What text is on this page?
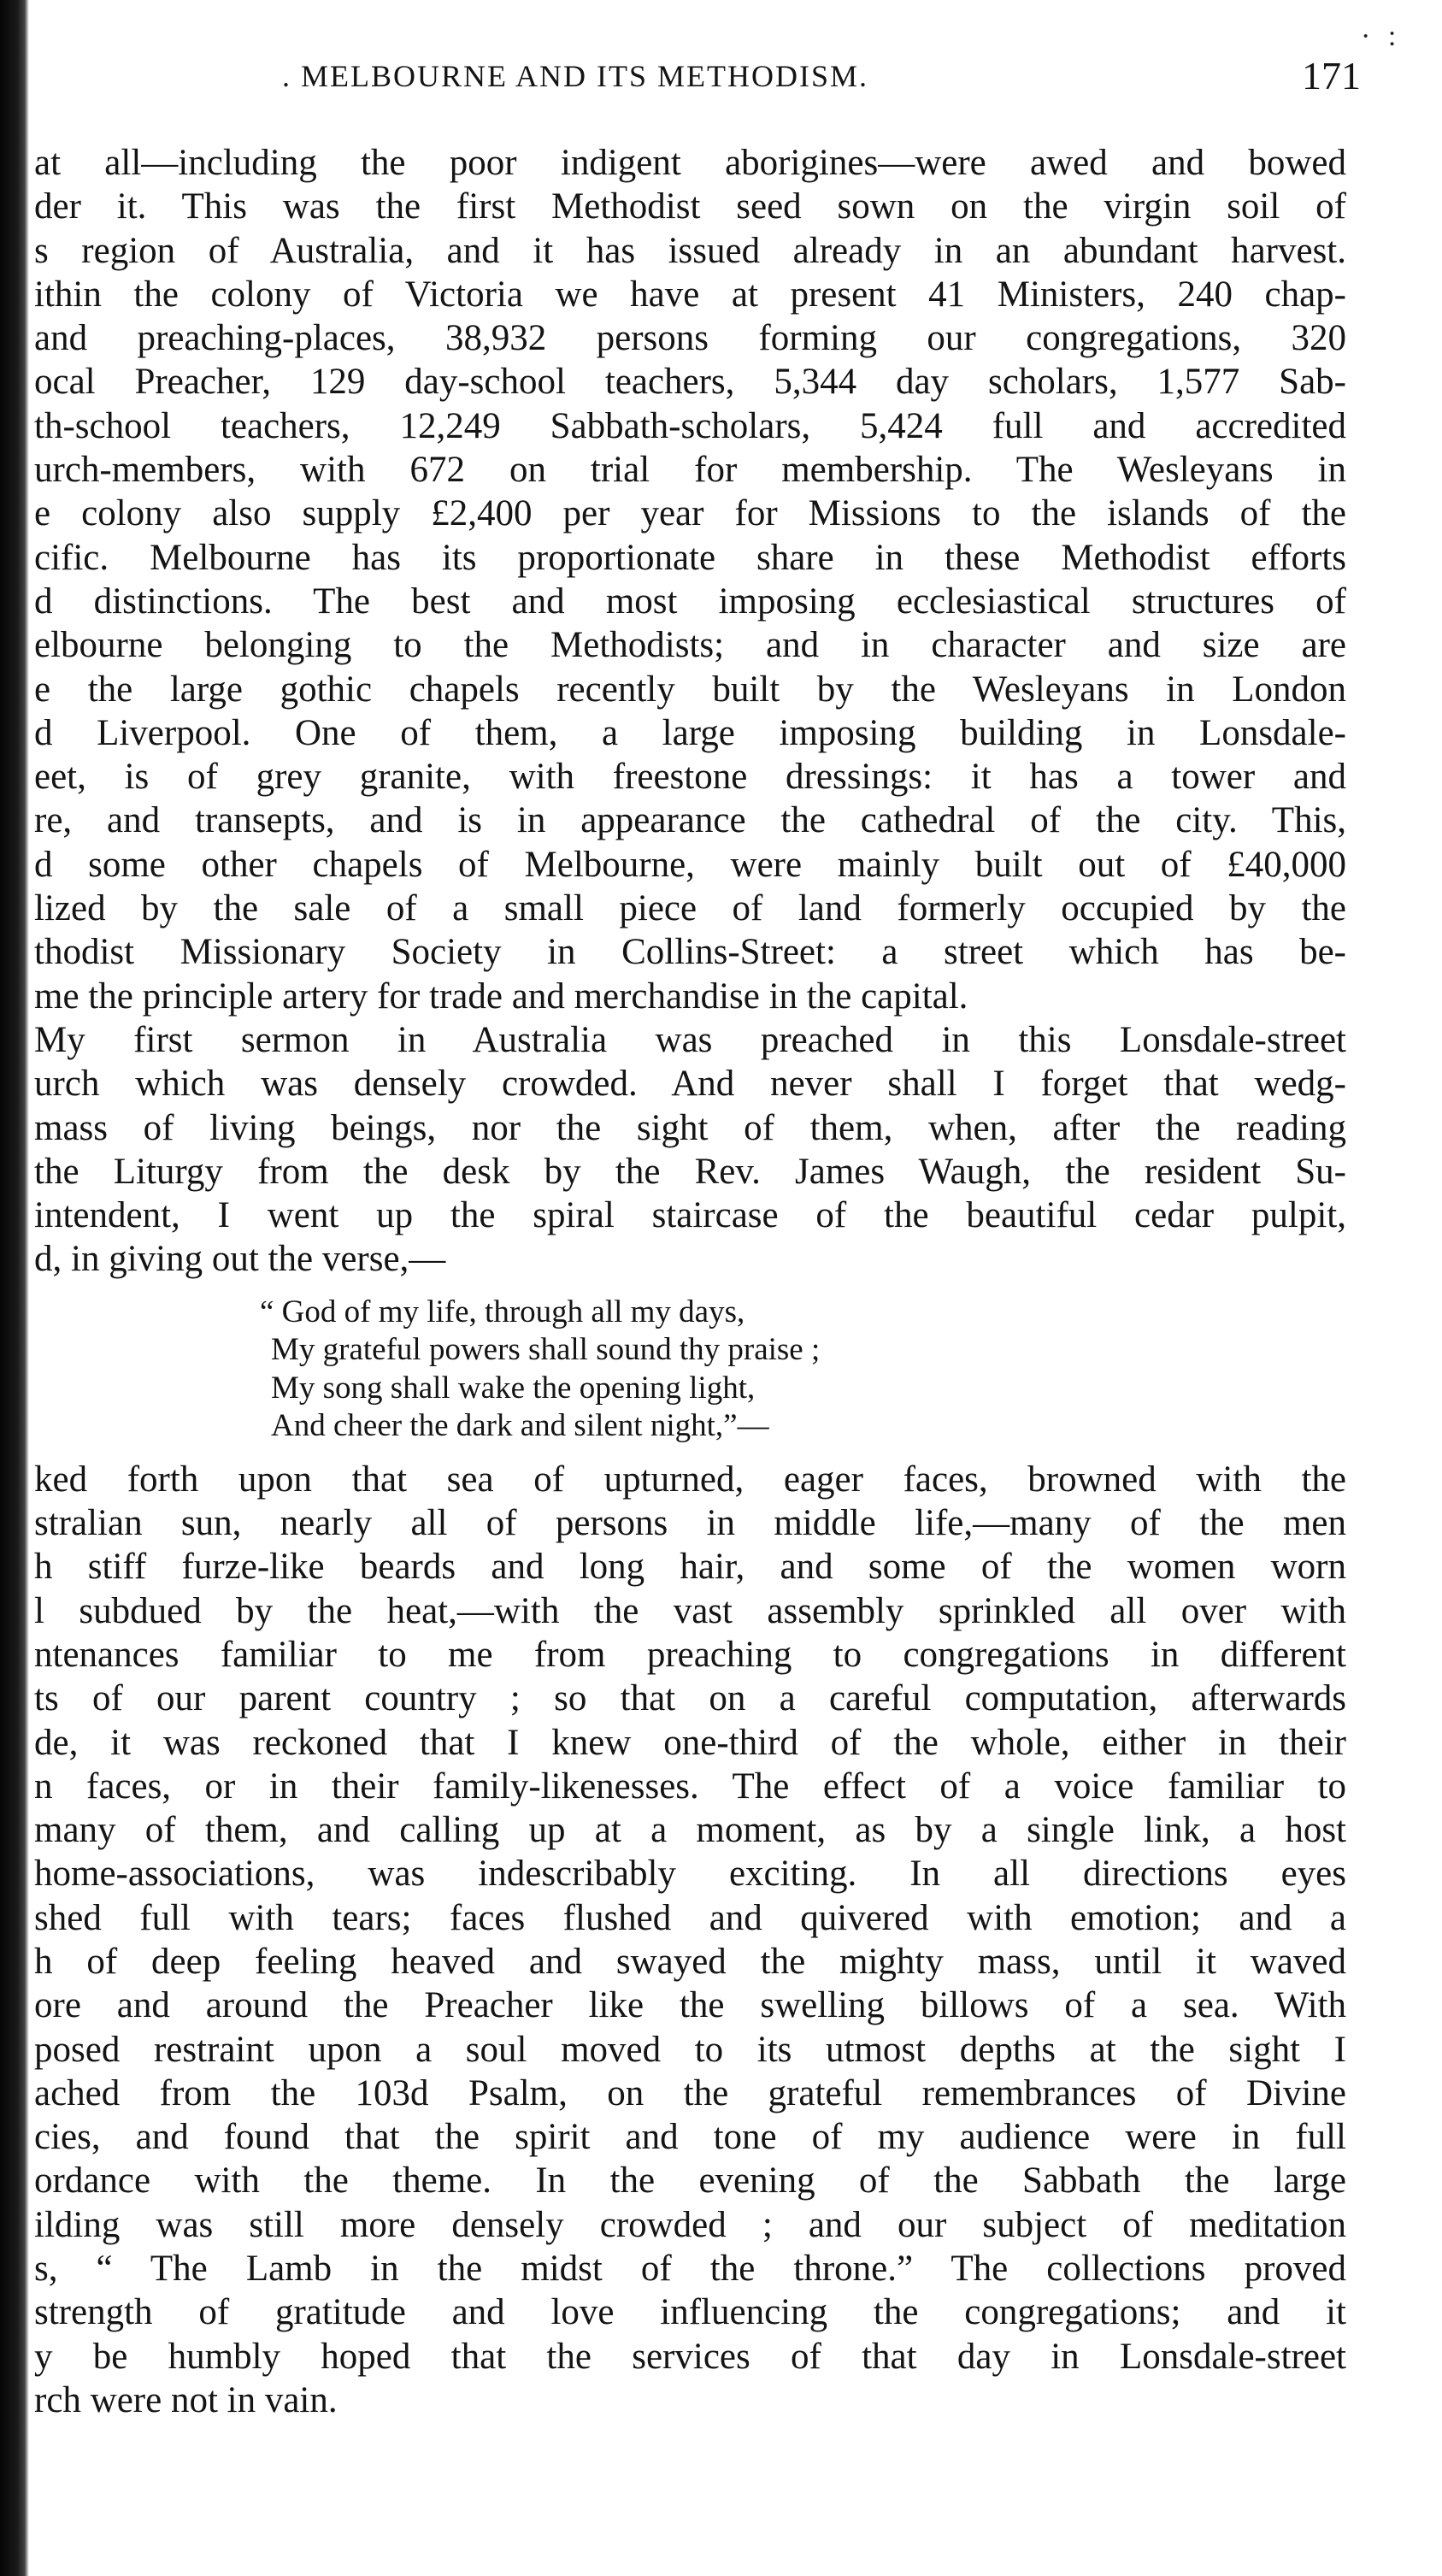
· :
. MELBOURNE AND ITS METHODISM.	171
at all—including the poor indigent aborigines—were awed and bowed
der it. This was the first Methodist seed sown on the virgin soil of
s region of Australia, and it has issued already in an abundant harvest.
ithin the colony of Victoria we have at present 41 Ministers, 240 chap-
and preaching-places, 38,932 persons forming our congregations, 320
ocal Preacher, 129 day-school teachers, 5,344 day scholars, 1,577 Sab-
th-school teachers, 12,249 Sabbath-scholars, 5,424 full and accredited
urch-members, with 672 on trial for membership. The Wesleyans in
e colony also supply £2,400 per year for Missions to the islands of the
cific. Melbourne has its proportionate share in these Methodist efforts
d distinctions. The best and most imposing ecclesiastical structures of
elbourne belonging to the Methodists; and in character and size are
e the large gothic chapels recently built by the Wesleyans in London
d Liverpool. One of them, a large imposing building in Lonsdale-
eet, is of grey granite, with freestone dressings: it has a tower and
re, and transepts, and is in appearance the cathedral of the city. This,
d some other chapels of Melbourne, were mainly built out of £40,000
lized by the sale of a small piece of land formerly occupied by the
thodist Missionary Society in Collins-Street: a street which has be-
me the principle artery for trade and merchandise in the capital.
My first sermon in Australia was preached in this Lonsdale-street
urch which was densely crowded. And never shall I forget that wedg-
mass of living beings, nor the sight of them, when, after the reading
the Liturgy from the desk by the Rev. James Waugh, the resident Su-
intendent, I went up the spiral staircase of the beautiful cedar pulpit,
d, in giving out the verse,—
“ God of my life, through all my days,
My grateful powers shall sound thy praise ;
My song shall wake the opening light,
And cheer the dark and silent night,”—
ked forth upon that sea of upturned, eager faces, browned with the
stralian sun, nearly all of persons in middle life,—many of the men
h stiff furze-like beards and long hair, and some of the women worn
l subdued by the heat,—with the vast assembly sprinkled all over with
ntenances familiar to me from preaching to congregations in different
ts of our parent country ; so that on a careful computation, afterwards
de, it was reckoned that I knew one-third of the whole, either in their
n faces, or in their family-likenesses. The effect of a voice familiar to
many of them, and calling up at a moment, as by a single link, a host
home-associations, was indescribably exciting. In all directions eyes
shed full with tears; faces flushed and quivered with emotion; and a
h of deep feeling heaved and swayed the mighty mass, until it waved
ore and around the Preacher like the swelling billows of a sea. With
posed restraint upon a soul moved to its utmost depths at the sight I
ached from the 103d Psalm, on the grateful remembrances of Divine
cies, and found that the spirit and tone of my audience were in full
ordance with the theme. In the evening of the Sabbath the large
ilding was still more densely crowded ; and our subject of meditation
s, “ The Lamb in the midst of the throne.” The collections proved
strength of gratitude and love influencing the congregations; and it
y be humbly hoped that the services of that day in Lonsdale-street
rch were not in vain.
